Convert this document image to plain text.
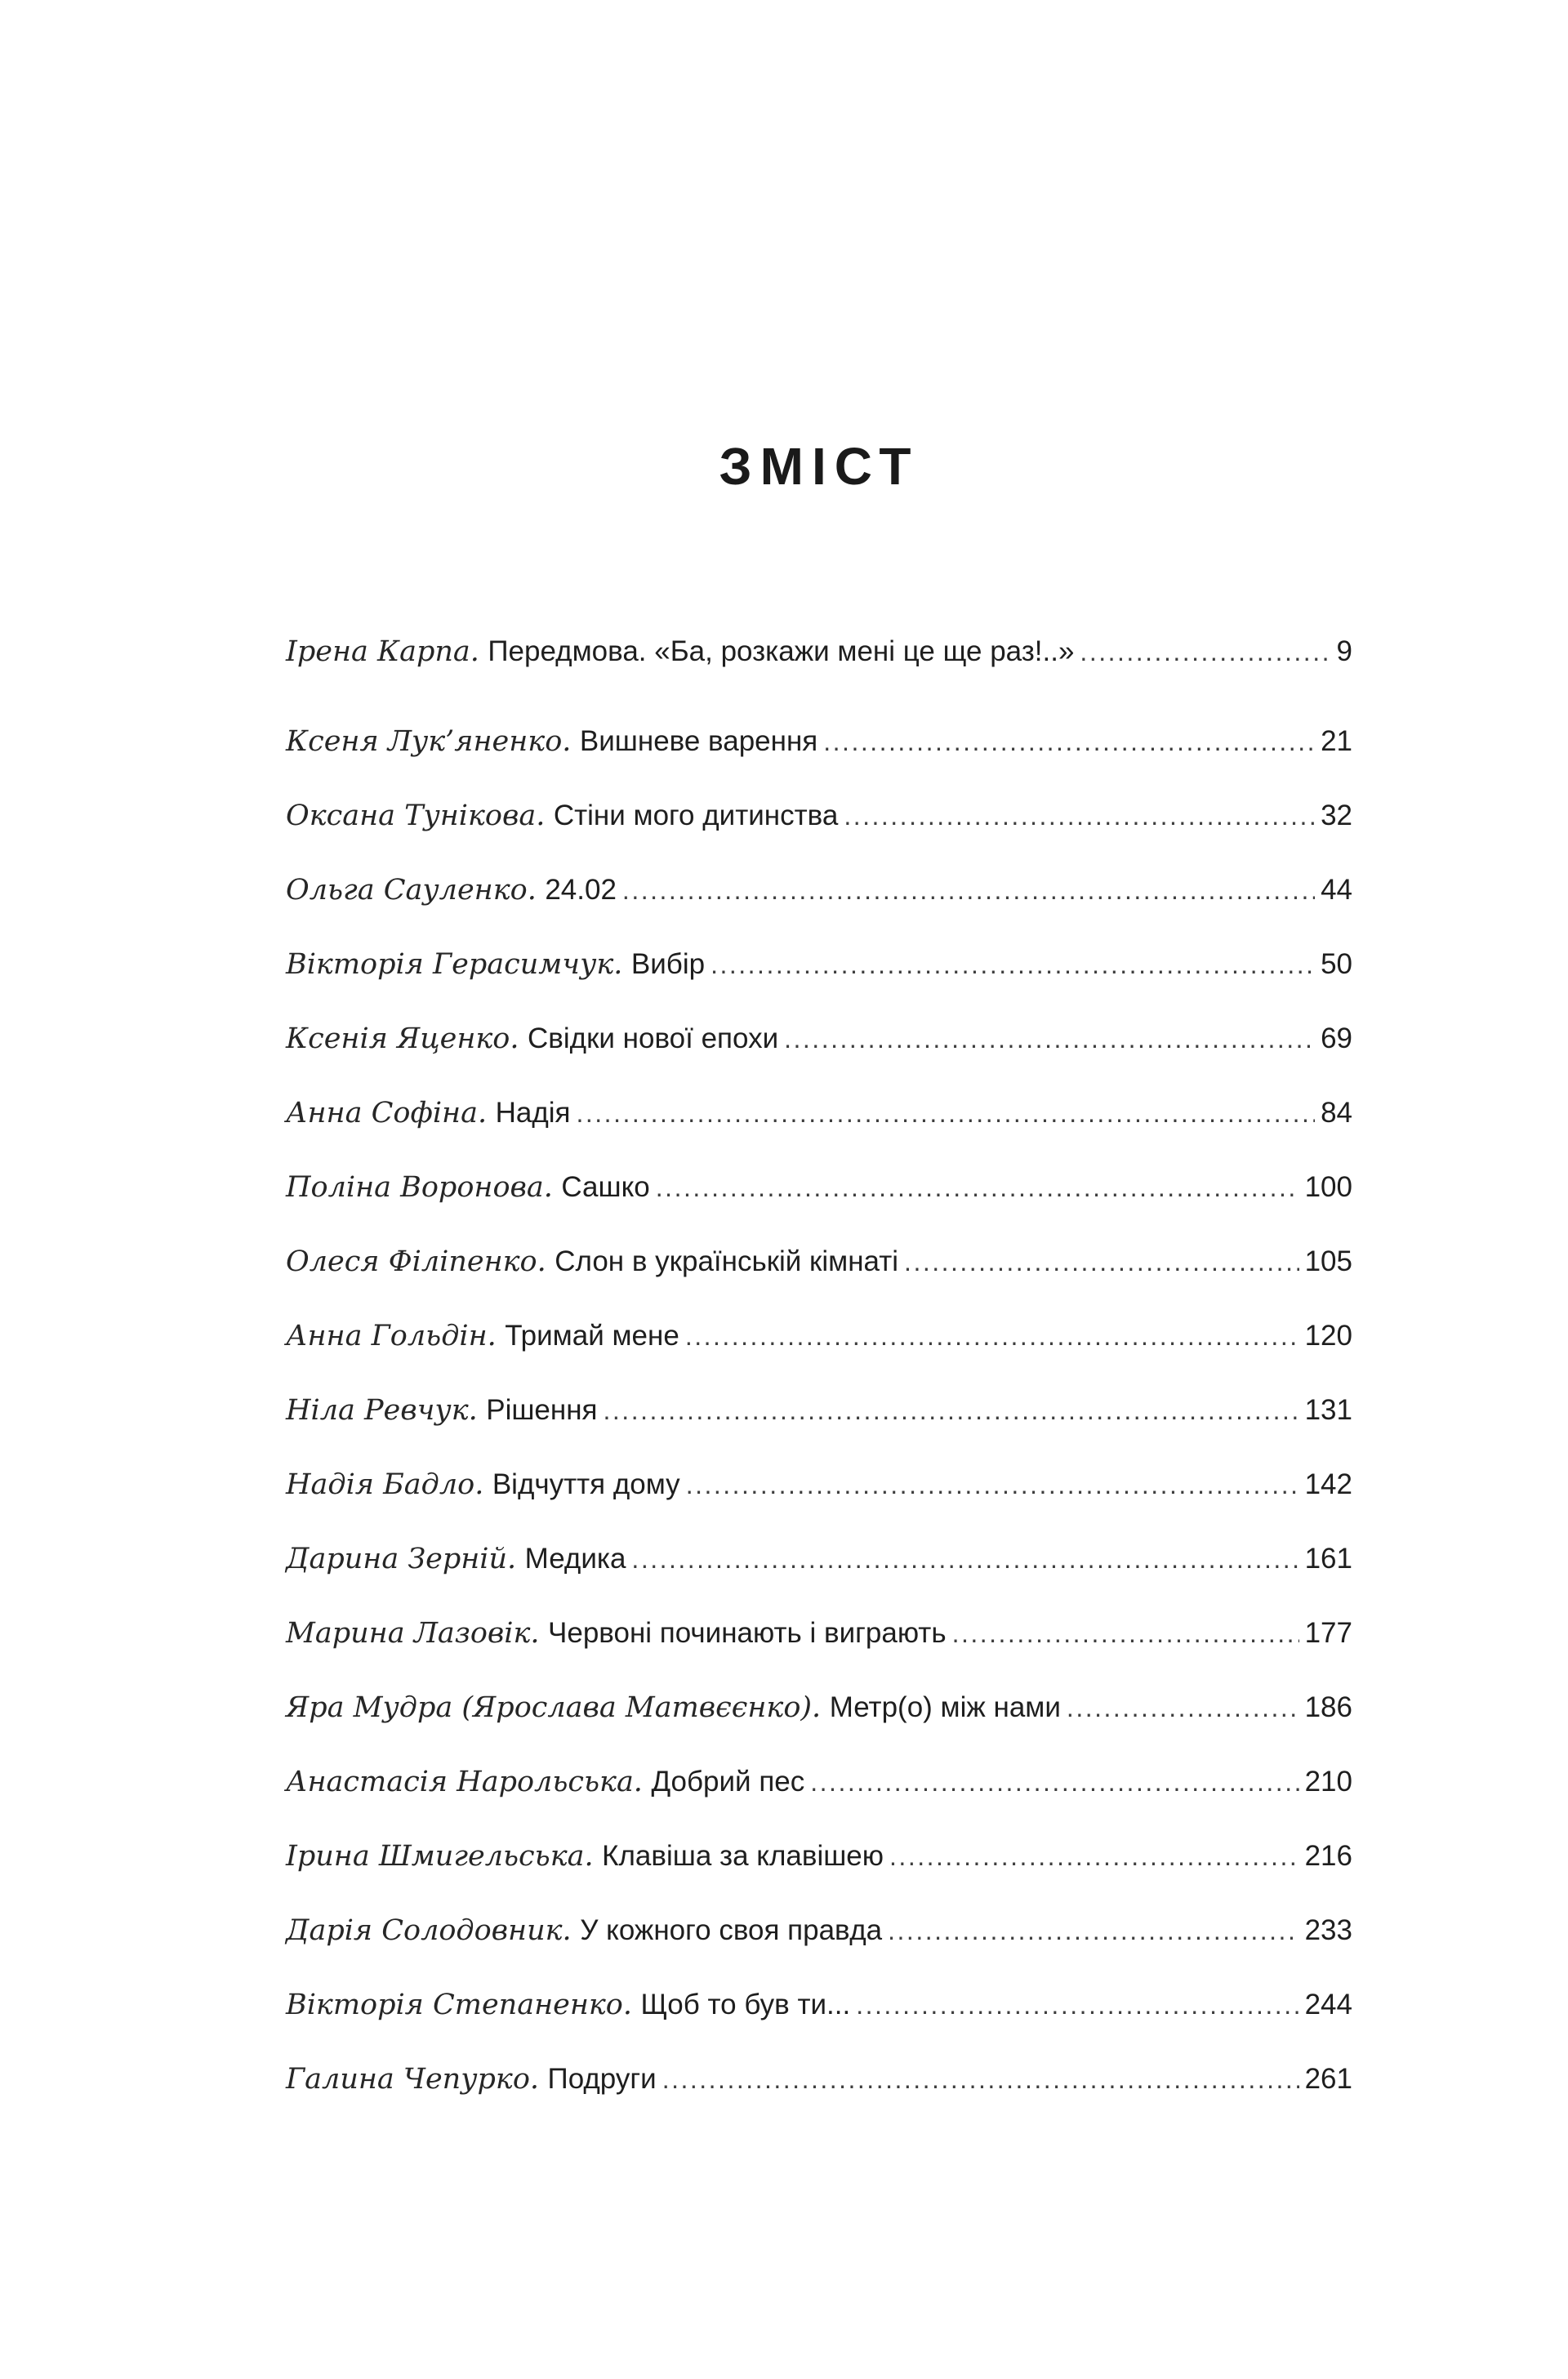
ЗМІСТ
Ірена Карпа. Передмова. «Ба, розкажи мені це ще раз!..» .....	9
Ксеня Лук’яненко. Вишневе варення .....	21
Оксана Тунікова. Стіни мого дитинства .....	32
Ольга Сауленко. 24.02 .....	44
Вікторія Герасимчук. Вибір .....	50
Ксенія Яценко. Свідки нової епохи .....	69
Анна Софіна. Надія .....	84
Поліна Воронова. Сашко .....	100
Олеся Філіпенко. Слон в українській кімнаті .....	105
Анна Гольдін. Тримай мене .....	120
Ніла Ревчук. Рішення .....	131
Надія Бадло. Відчуття дому .....	142
Дарина Зерній. Медика .....	161
Марина Лазовік. Червоні починають і виграють .....	177
Яра Мудра (Ярослава Матвєєнко). Метр(о) між нами .....	186
Анастасія Нарольська. Добрий пес .....	210
Ірина Шмигельська. Клавіша за клавішею .....	216
Дарія Солодовник. У кожного своя правда .....	233
Вікторія Степаненко. Щоб то був ти... .....	244
Галина Чепурко. Подруги .....	261
